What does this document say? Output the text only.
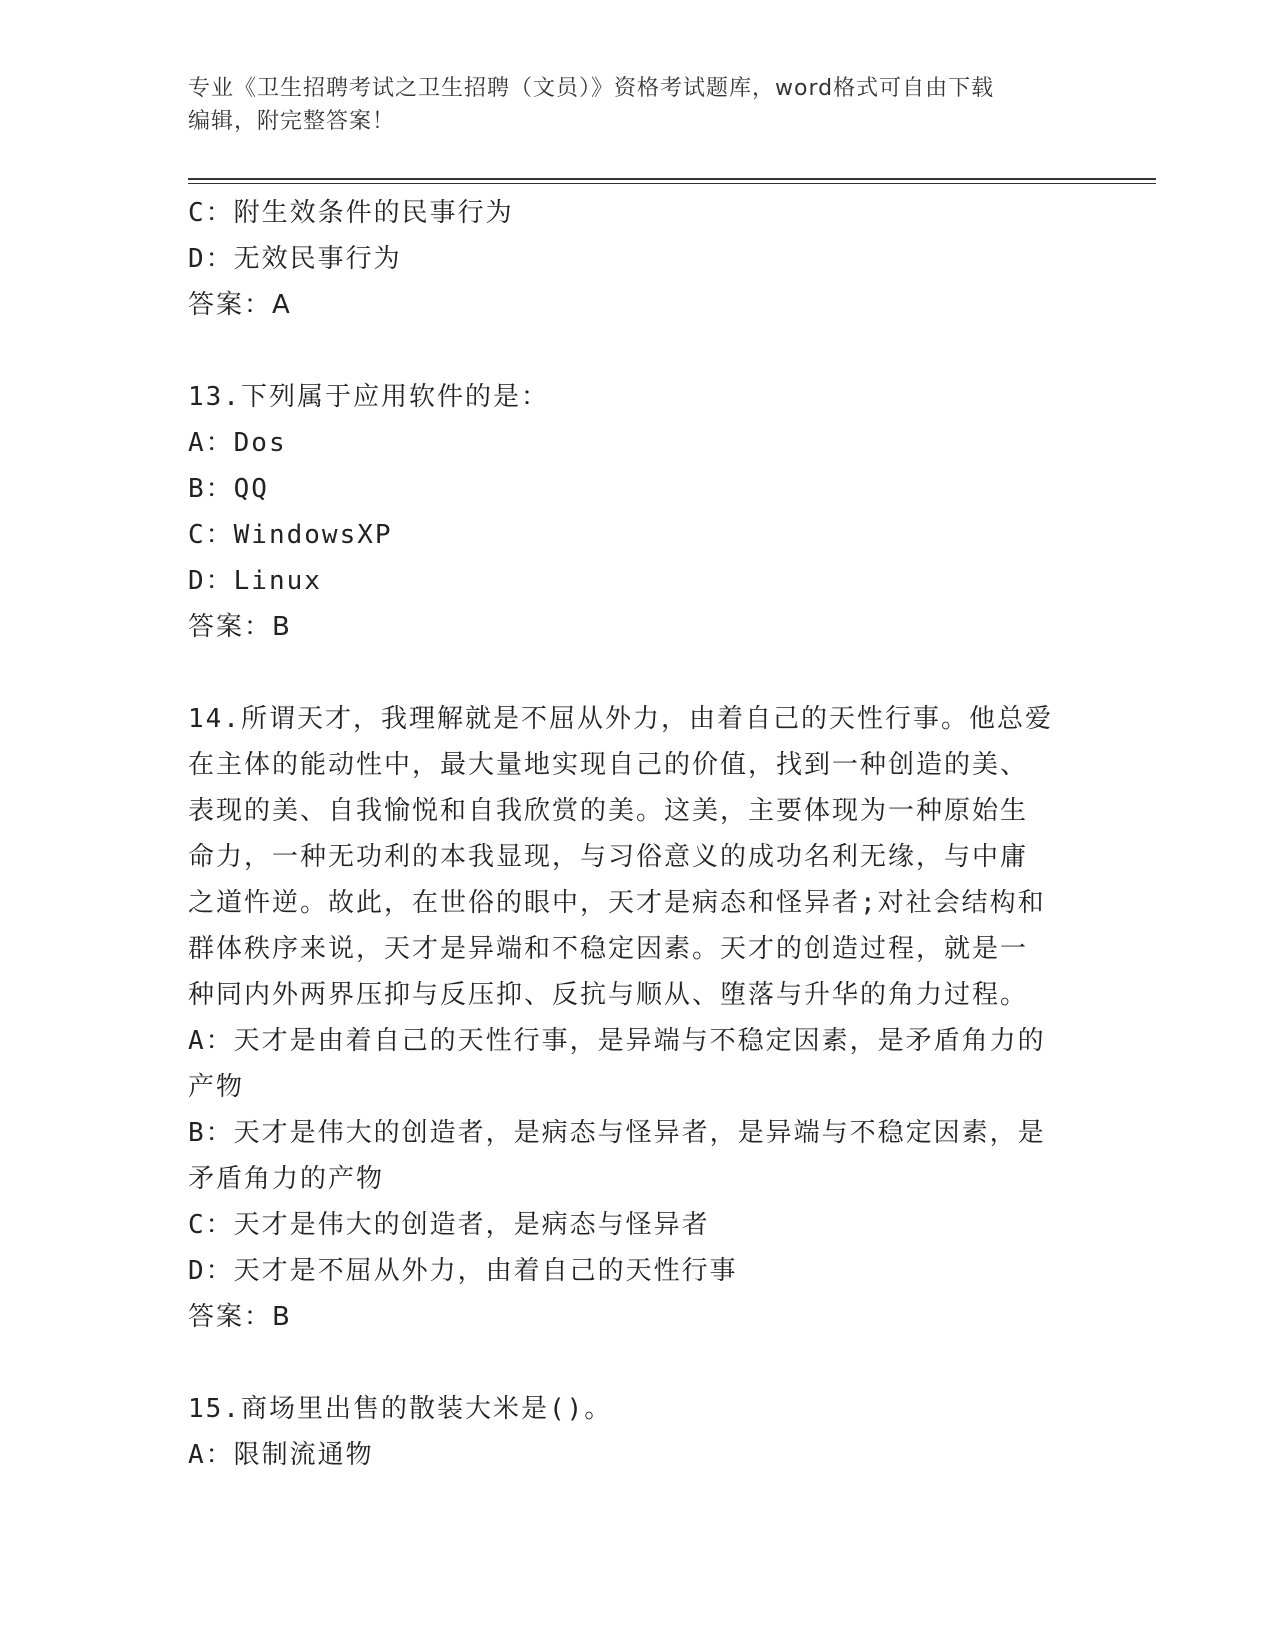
专业《卫生招聘考试之卫生招聘（文员）》资格考试题库，word格式可自由下载
编辑，附完整答案！
C：附生效条件的民事行为
D：无效民事行为
答案：A
13.下列属于应用软件的是：
A：Dos
B：QQ
C：WindowsXP
D：Linux
答案：B
14.所谓天才，我理解就是不屈从外力，由着自己的天性行事。他总爱
在主体的能动性中，最大量地实现自己的价值，找到一种创造的美、
表现的美、自我愉悦和自我欣赏的美。这美，主要体现为一种原始生
命力，一种无功利的本我显现，与习俗意义的成功名利无缘，与中庸
之道忤逆。故此，在世俗的眼中，天才是病态和怪异者;对社会结构和
群体秩序来说，天才是异端和不稳定因素。天才的创造过程，就是一
种同内外两界压抑与反压抑、反抗与顺从、堕落与升华的角力过程。
A：天才是由着自己的天性行事，是异端与不稳定因素，是矛盾角力的
产物
B：天才是伟大的创造者，是病态与怪异者，是异端与不稳定因素，是
矛盾角力的产物
C：天才是伟大的创造者，是病态与怪异者
D：天才是不屈从外力，由着自己的天性行事
答案：B
15.商场里出售的散装大米是()。
A：限制流通物
